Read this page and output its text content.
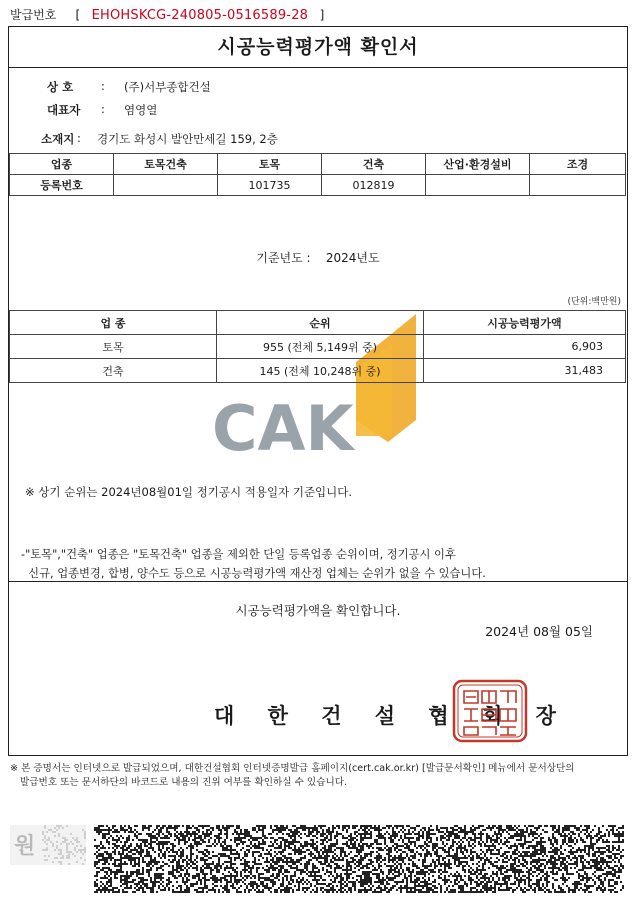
발급번호 [ EHOHSKCG-240805-0516589-28 ]
시공능력평가액 확인서
상 호 : (주)서부종합건설
대표자 : 염영열
소재지 : 경기도 화성시 발안만세길 159, 2층
업종	토목건축	토목	건축	산업·환경설비	조경
등록번호		101735	012819		
기준년도 : 2024년도
(단위:백만원)
CAK
업 종	순위	시공능력평가액
토목	955 (전체 5,149위 중)	6,903
건축	145 (전체 10,248위 중)	31,483
※ 상기 순위는 2024년08월01일 정기공시 적용일자 기준입니다.
-"토목","건축" 업종은 "토목건축" 업종을 제외한 단일 등록업종 순위이며, 정기공시 이후
신규, 업종변경, 합병, 양수도 등으로 시공능력평가액 재산정 업체는 순위가 없을 수 있습니다.
시공능력평가액을 확인합니다.
2024년 08월 05일
대 한 건 설 협 회 장
※ 본 증명서는 인터넷으로 발급되었으며, 대한건설협회 인터넷증명발급 홈페이지(cert.cak.or.kr) [발급문서확인] 메뉴에서 문서상단의
발급번호 또는 문서하단의 바코드로 내용의 진위 여부를 확인하실 수 있습니다.
원
